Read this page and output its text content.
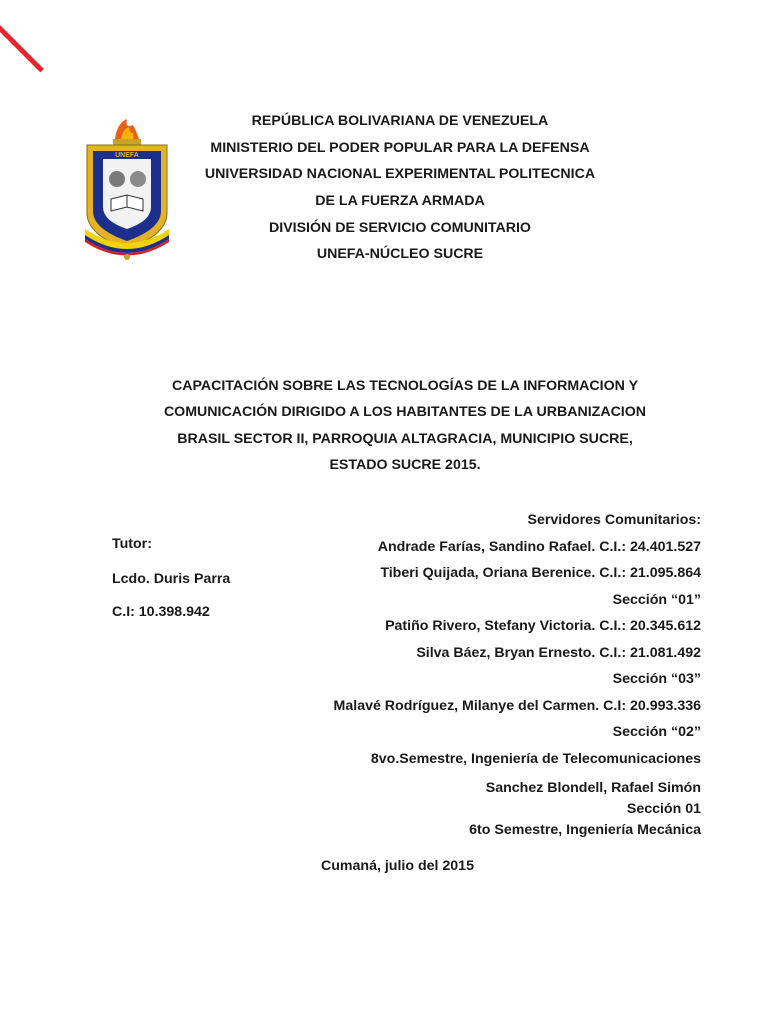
UNEFA
REPÚBLICA BOLIVARIANA DE VENEZUELA
MINISTERIO DEL PODER POPULAR PARA LA DEFENSA
UNIVERSIDAD NACIONAL EXPERIMENTAL POLITECNICA
DE LA FUERZA ARMADA
DIVISIÓN DE SERVICIO COMUNITARIO
UNEFA-NÚCLEO SUCRE
CAPACITACIÓN SOBRE LAS TECNOLOGÍAS DE LA INFORMACION Y
COMUNICACIÓN DIRIGIDO A LOS HABITANTES DE LA URBANIZACION
BRASIL SECTOR II, PARROQUIA ALTAGRACIA, MUNICIPIO SUCRE,
ESTADO SUCRE 2015.
Tutor:
Lcdo. Duris Parra
C.I: 10.398.942
Servidores Comunitarios:
Andrade Farías, Sandino Rafael. C.I.: 24.401.527
Tiberi Quijada, Oriana Berenice. C.I.: 21.095.864
Sección “01”
Patiño Rivero, Stefany Victoria. C.I.: 20.345.612
Silva Báez, Bryan Ernesto. C.I.: 21.081.492
Sección “03”
Malavé Rodríguez, Milanye del Carmen. C.I: 20.993.336
Sección “02”
8vo.Semestre, Ingeniería de Telecomunicaciones
Sanchez Blondell, Rafael Simón
Sección 01
6to Semestre, Ingeniería Mecánica
Cumaná, julio del 2015
